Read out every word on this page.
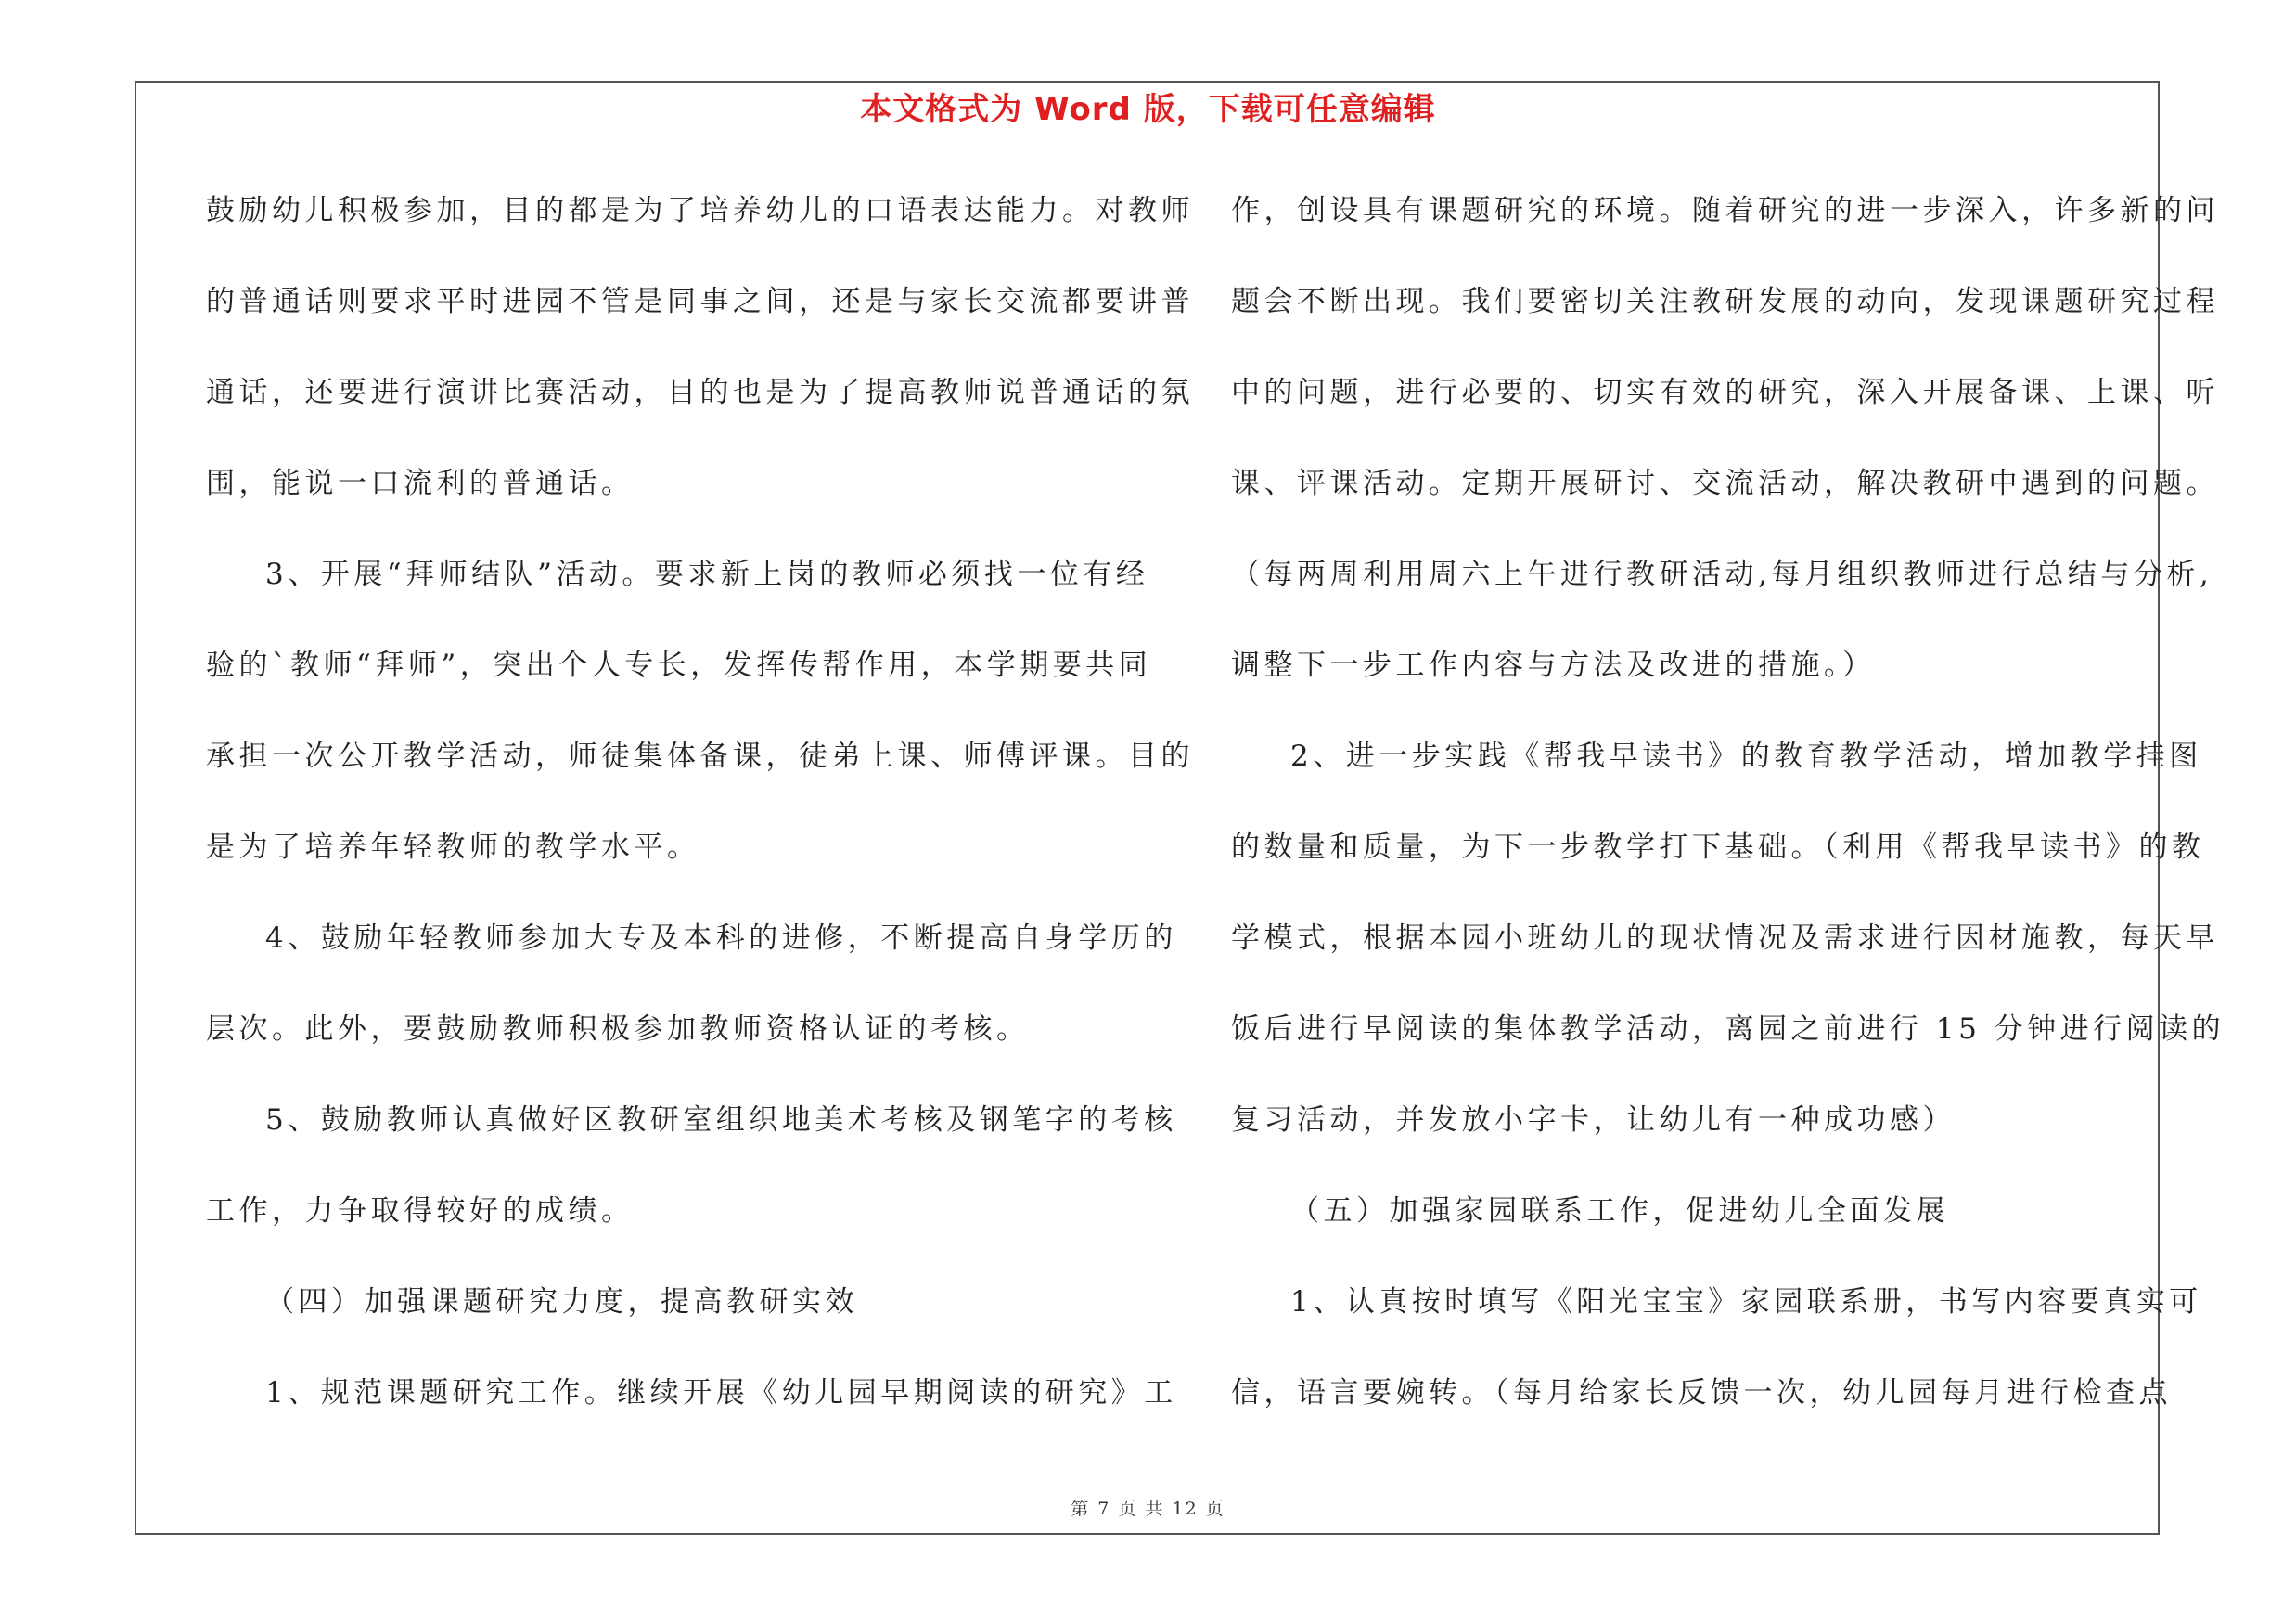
本文格式为 Word 版，下载可任意编辑
鼓励幼儿积极参加，目的都是为了培养幼儿的口语表达能力。对教师
的普通话则要求平时进园不管是同事之间，还是与家长交流都要讲普
通话，还要进行演讲比赛活动，目的也是为了提高教师说普通话的氛
围，能说一口流利的普通话。
3、开展“拜师结队”活动。要求新上岗的教师必须找一位有经
验的`教师“拜师”，突出个人专长，发挥传帮作用，本学期要共同
承担一次公开教学活动，师徒集体备课，徒弟上课、师傅评课。目的
是为了培养年轻教师的教学水平。
4、鼓励年轻教师参加大专及本科的进修，不断提高自身学历的
层次。此外，要鼓励教师积极参加教师资格认证的考核。
5、鼓励教师认真做好区教研室组织地美术考核及钢笔字的考核
工作，力争取得较好的成绩。
（四）加强课题研究力度，提高教研实效
1、规范课题研究工作。继续开展《幼儿园早期阅读的研究》工
作，创设具有课题研究的环境。随着研究的进一步深入，许多新的问
题会不断出现。我们要密切关注教研发展的动向，发现课题研究过程
中的问题，进行必要的、切实有效的研究，深入开展备课、上课、听
课、评课活动。定期开展研讨、交流活动，解决教研中遇到的问题。
（每两周利用周六上午进行教研活动,每月组织教师进行总结与分析,
调整下一步工作内容与方法及改进的措施。）
2、进一步实践《帮我早读书》的教育教学活动，增加教学挂图
的数量和质量，为下一步教学打下基础。（利用《帮我早读书》的教
学模式，根据本园小班幼儿的现状情况及需求进行因材施教，每天早
饭后进行早阅读的集体教学活动，离园之前进行 15 分钟进行阅读的
复习活动，并发放小字卡，让幼儿有一种成功感）
（五）加强家园联系工作，促进幼儿全面发展
1、认真按时填写《阳光宝宝》家园联系册，书写内容要真实可
信，语言要婉转。（每月给家长反馈一次，幼儿园每月进行检查点
第 7 页 共 12 页
